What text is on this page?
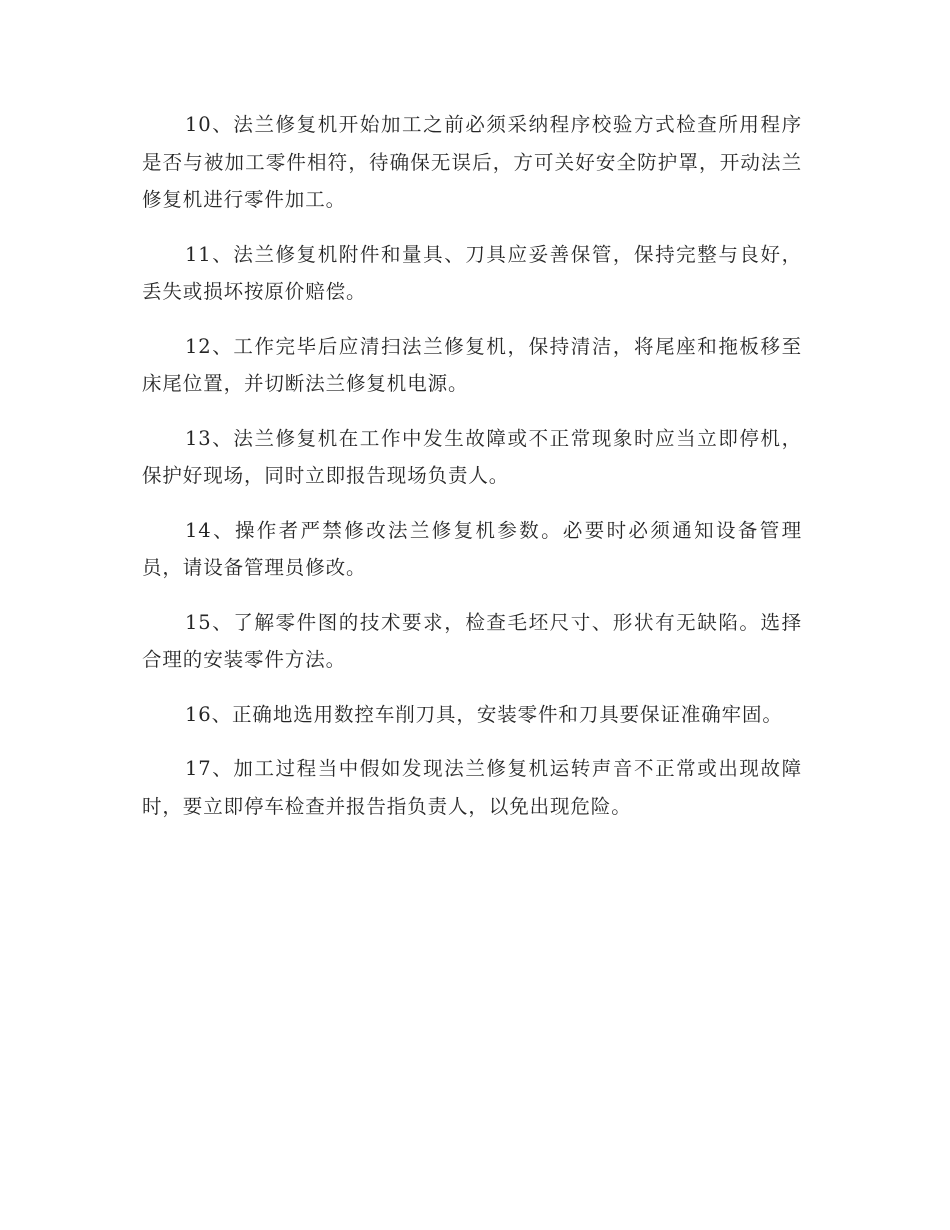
10、法兰修复机开始加工之前必须采纳程序校验方式检查所用程序是否与被加工零件相符，待确保无误后，方可关好安全防护罩，开动法兰修复机进行零件加工。

11、法兰修复机附件和量具、刀具应妥善保管，保持完整与良好，丢失或损坏按原价赔偿。

12、工作完毕后应清扫法兰修复机，保持清洁，将尾座和拖板移至床尾位置，并切断法兰修复机电源。

13、法兰修复机在工作中发生故障或不正常现象时应当立即停机，保护好现场，同时立即报告现场负责人。

14、操作者严禁修改法兰修复机参数。必要时必须通知设备管理员，请设备管理员修改。

15、了解零件图的技术要求，检查毛坯尺寸、形状有无缺陷。选择合理的安装零件方法。

16、正确地选用数控车削刀具，安装零件和刀具要保证准确牢固。

17、加工过程当中假如发现法兰修复机运转声音不正常或出现故障时，要立即停车检查并报告指负责人，以免出现危险。
